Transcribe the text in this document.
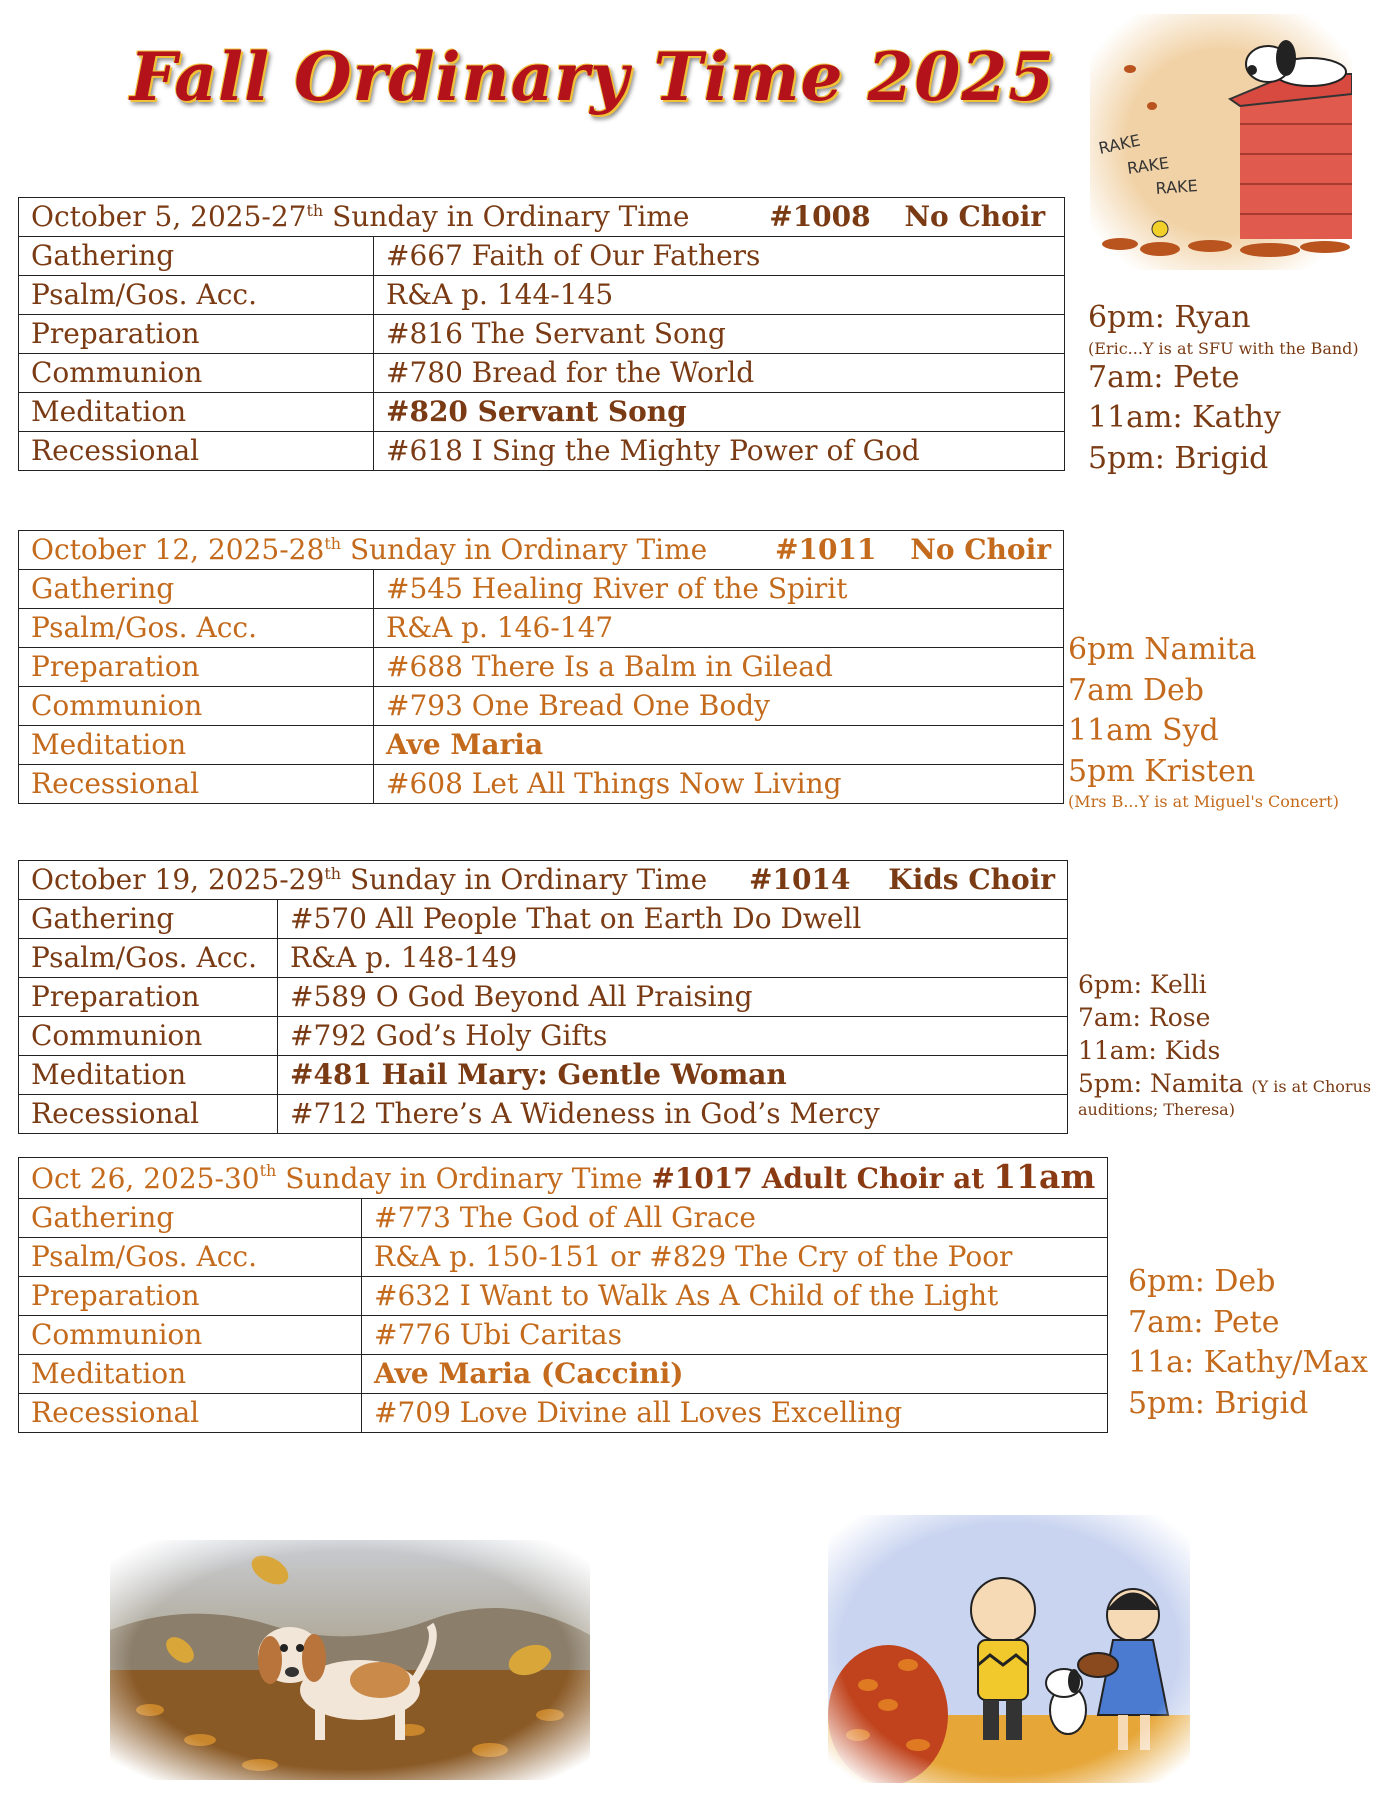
Fall Ordinary Time 2025
RAKE
RAKE
RAKE
October 5, 2025-27th Sunday in Ordinary Time #1008 No Choir	
Gathering	#667 Faith of Our Fathers
Psalm/Gos. Acc.	R&A p. 144-145
Preparation	#816 The Servant Song
Communion	#780 Bread for the World
Meditation	#820 Servant Song
Recessional	#618 I Sing the Mighty Power of God
6pm: Ryan
(Eric...Y is at SFU with the Band)
7am: Pete
11am: Kathy
5pm: Brigid
October 12, 2025-28th Sunday in Ordinary Time #1011 No Choir	
Gathering	#545 Healing River of the Spirit
Psalm/Gos. Acc.	R&A p. 146-147
Preparation	#688 There Is a Balm in Gilead
Communion	#793 One Bread One Body
Meditation	Ave Maria
Recessional	#608 Let All Things Now Living
6pm Namita
7am Deb
11am Syd
5pm Kristen
(Mrs B...Y is at Miguel's Concert)
October 19, 2025-29th Sunday in Ordinary Time #1014 Kids Choir	
Gathering	#570 All People That on Earth Do Dwell
Psalm/Gos. Acc.	R&A p. 148-149
Preparation	#589 O God Beyond All Praising
Communion	#792 God’s Holy Gifts
Meditation	#481 Hail Mary: Gentle Woman
Recessional	#712 There’s A Wideness in God’s Mercy
6pm: Kelli
7am: Rose
11am: Kids
5pm: Namita (Y is at Chorus
auditions; Theresa)
Oct 26, 2025-30th Sunday in Ordinary Time #1017 Adult Choir at 11am	
Gathering	#773 The God of All Grace
Psalm/Gos. Acc.	R&A p. 150-151 or #829 The Cry of the Poor
Preparation	#632 I Want to Walk As A Child of the Light
Communion	#776 Ubi Caritas
Meditation	Ave Maria (Caccini)
Recessional	#709 Love Divine all Loves Excelling
6pm: Deb
7am: Pete
11a: Kathy/Max
5pm: Brigid
